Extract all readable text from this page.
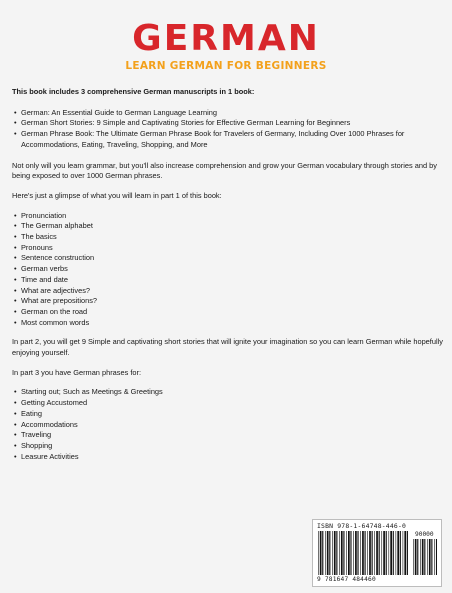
GERMAN
LEARN GERMAN FOR BEGINNERS

This book includes 3 comprehensive German manuscripts in 1 book:

• German: An Essential Guide to German Language Learning
• German Short Stories: 9 Simple and Captivating Stories for Effective German Learning for Beginners
• German Phrase Book: The Ultimate German Phrase Book for Travelers of Germany, Including Over 1000 Phrases for Accommodations, Eating, Traveling, Shopping, and More

Not only will you learn grammar, but you'll also increase comprehension and grow your German vocabulary through stories and by being exposed to over 1000 German phrases.

Here's just a glimpse of what you will learn in part 1 of this book:

• Pronunciation
• The German alphabet
• The basics
• Pronouns
• Sentence construction
• German verbs
• Time and date
• What are adjectives?
• What are prepositions?
• German on the road
• Most common words

In part 2, you will get 9 Simple and captivating short stories that will ignite your imagination so you can learn German while hopefully enjoying yourself.

In part 3 you have German phrases for:

• Starting out; Such as Meetings & Greetings
• Getting Accustomed
• Eating
• Accommodations
• Traveling
• Shopping
• Leasure Activities
ISBN 978-1-64748-446-0
9 781647 484460
90000
